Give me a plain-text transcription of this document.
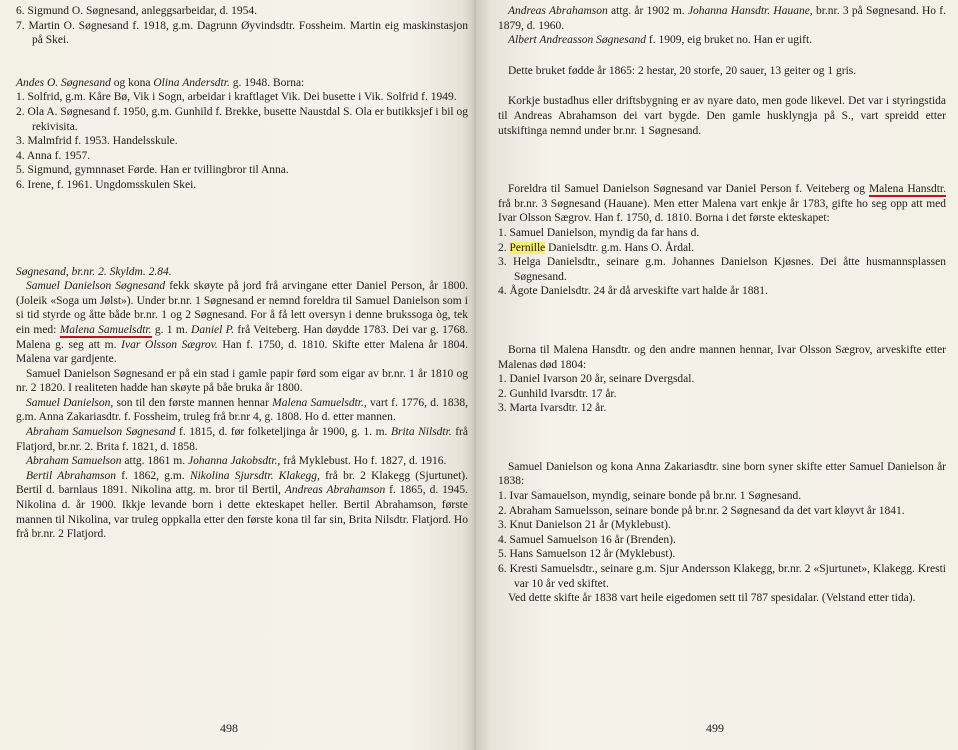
6. Sigmund O. Søgnesand, anleggsarbeidar, d. 1954.
7. Martin O. Søgnesand f. 1918, g.m. Dagrunn Øyvindsdtr. Fossheim. Martin eig maskinstasjon på Skei.

Andes O. Søgnesand og kona Olina Andersdtr. g. 1948. Borna:

1. Solfrid, g.m. Kåre Bø, Vik i Sogn, arbeidar i kraftlaget Vik. Dei busette i Vik. Solfrid f. 1949.
2. Ola A. Søgnesand f. 1950, g.m. Gunhild f. Brekke, busette Naustdal S. Ola er butikksjef i bil og rekivisita.
3. Malmfrid f. 1953. Handelsskule.
4. Anna f. 1957.
5. Sigmund, gymnnaset Førde. Han er tvillingbror til Anna.
6. Irene, f. 1961. Ungdomsskulen Skei.

Søgnesand, br.nr. 2. Skyldm. 2.84.

Samuel Danielson Søgnesand fekk skøyte på jord frå arvingane etter Daniel Person, år 1800. (Joleik «Soga um Jølst»). Under br.nr. 1 Søgnesand er nemnd foreldra til Samuel Danielson som i si tid styrde og åtte både br.nr. 1 og 2 Søgnesand. For å få lett oversyn i denne brukssoga òg, tek ein med: Malena Samuelsdtr. g. 1 m. Daniel P. frå Veiteberg. Han døydde 1783. Dei var g. 1768. Malena g. seg att m. Ivar Olsson Sægrov. Han f. 1750, d. 1810. Skifte etter Malena år 1804. Malena var gardjente.

Samuel Danielson Søgnesand er på ein stad i gamle papir førd som eigar av br.nr. 1 år 1810 og nr. 2 1820. I realiteten hadde han skøyte på båe bruka år 1800.

Samuel Danielson, son til den første mannen hennar Malena Samuelsdtr., vart f. 1776, d. 1838, g.m. Anna Zakariasdtr. f. Fossheim, truleg frå br.nr 4, g. 1808. Ho d. etter mannen.

Abraham Samuelson Søgnesand f. 1815, d. før folketeljinga år 1900, g. 1. m. Brita Nilsdtr. frå Flatjord, br.nr. 2. Brita f. 1821, d. 1858.

Abraham Samuelson attg. 1861 m. Johanna Jakobsdtr., frå Myklebust. Ho f. 1827, d. 1916.

Bertil Abrahamson f. 1862, g.m. Nikolina Sjursdtr. Klakegg, frå br. 2 Klakegg (Sjurtunet). Bertil d. barnlaus 1891. Nikolina attg. m. bror til Bertil, Andreas Abrahamson f. 1865, d. 1945. Nikolina d. år 1900. Ikkje levande born i dette ekteskapet heller. Bertil Abrahamson, første mannen til Nikolina, var truleg oppkalla etter den første kona til far sin, Brita Nilsdtr. Flatjord. Ho frå br.nr. 2 Flatjord.

498

Andreas Abrahamson attg. år 1902 m. Johanna Hansdtr. Hauane, br.nr. 3 på Søgnesand. Ho f. 1879, d. 1960.

Albert Andreasson Søgnesand f. 1909, eig bruket no. Han er ugift.

Dette bruket fødde år 1865: 2 hestar, 20 storfe, 20 sauer, 13 geiter og 1 gris.

Korkje bustadhus eller driftsbygning er av nyare dato, men gode likevel. Det var i styringstida til Andreas Abrahamson dei vart bygde. Den gamle husklyngja på S., vart spreidd etter utskiftinga nemnd under br.nr. 1 Søgnesand.

Foreldra til Samuel Danielson Søgnesand var Daniel Person f. Veiteberg og Malena Hansdtr. frå br.nr. 3 Søgnesand (Hauane). Men etter Malena vart enkje år 1783, gifte ho seg opp att med Ivar Olsson Sægrov. Han f. 1750, d. 1810. Borna i det første ekteskapet:

1. Samuel Danielson, myndig da far hans d.
2. Pernille Danielsdtr. g.m. Hans O. Årdal.
3. Helga Danielsdtr., seinare g.m. Johannes Danielson Kjøsnes. Dei åtte husmannsplassen Søgnesand.
4. Ågote Danielsdtr. 24 år då arveskifte vart halde år 1881.

Borna til Malena Hansdtr. og den andre mannen hennar, Ivar Olsson Sægrov, arveskifte etter Malenas død 1804:

1. Daniel Ivarson 20 år, seinare Dvergsdal.
2. Gunhild Ivarsdtr. 17 år.
3. Marta Ivarsdtr. 12 år.

Samuel Danielson og kona Anna Zakariasdtr. sine born syner skifte etter Samuel Danielson år 1838:

1. Ivar Samauelson, myndig, seinare bonde på br.nr. 1 Søgnesand.
2. Abraham Samuelsson, seinare bonde på br.nr. 2 Søgnesand da det vart kløyvt år 1841.
3. Knut Danielson 21 år (Myklebust).
4. Samuel Samuelson 16 år (Brenden).
5. Hans Samuelson 12 år (Myklebust).
6. Kresti Samuelsdtr., seinare g.m. Sjur Andersson Klakegg, br.nr. 2 «Sjurtunet», Klakegg. Kresti var 10 år ved skiftet.

Ved dette skifte år 1838 vart heile eigedomen sett til 787 spesidalar. (Velstand etter tida).

499
